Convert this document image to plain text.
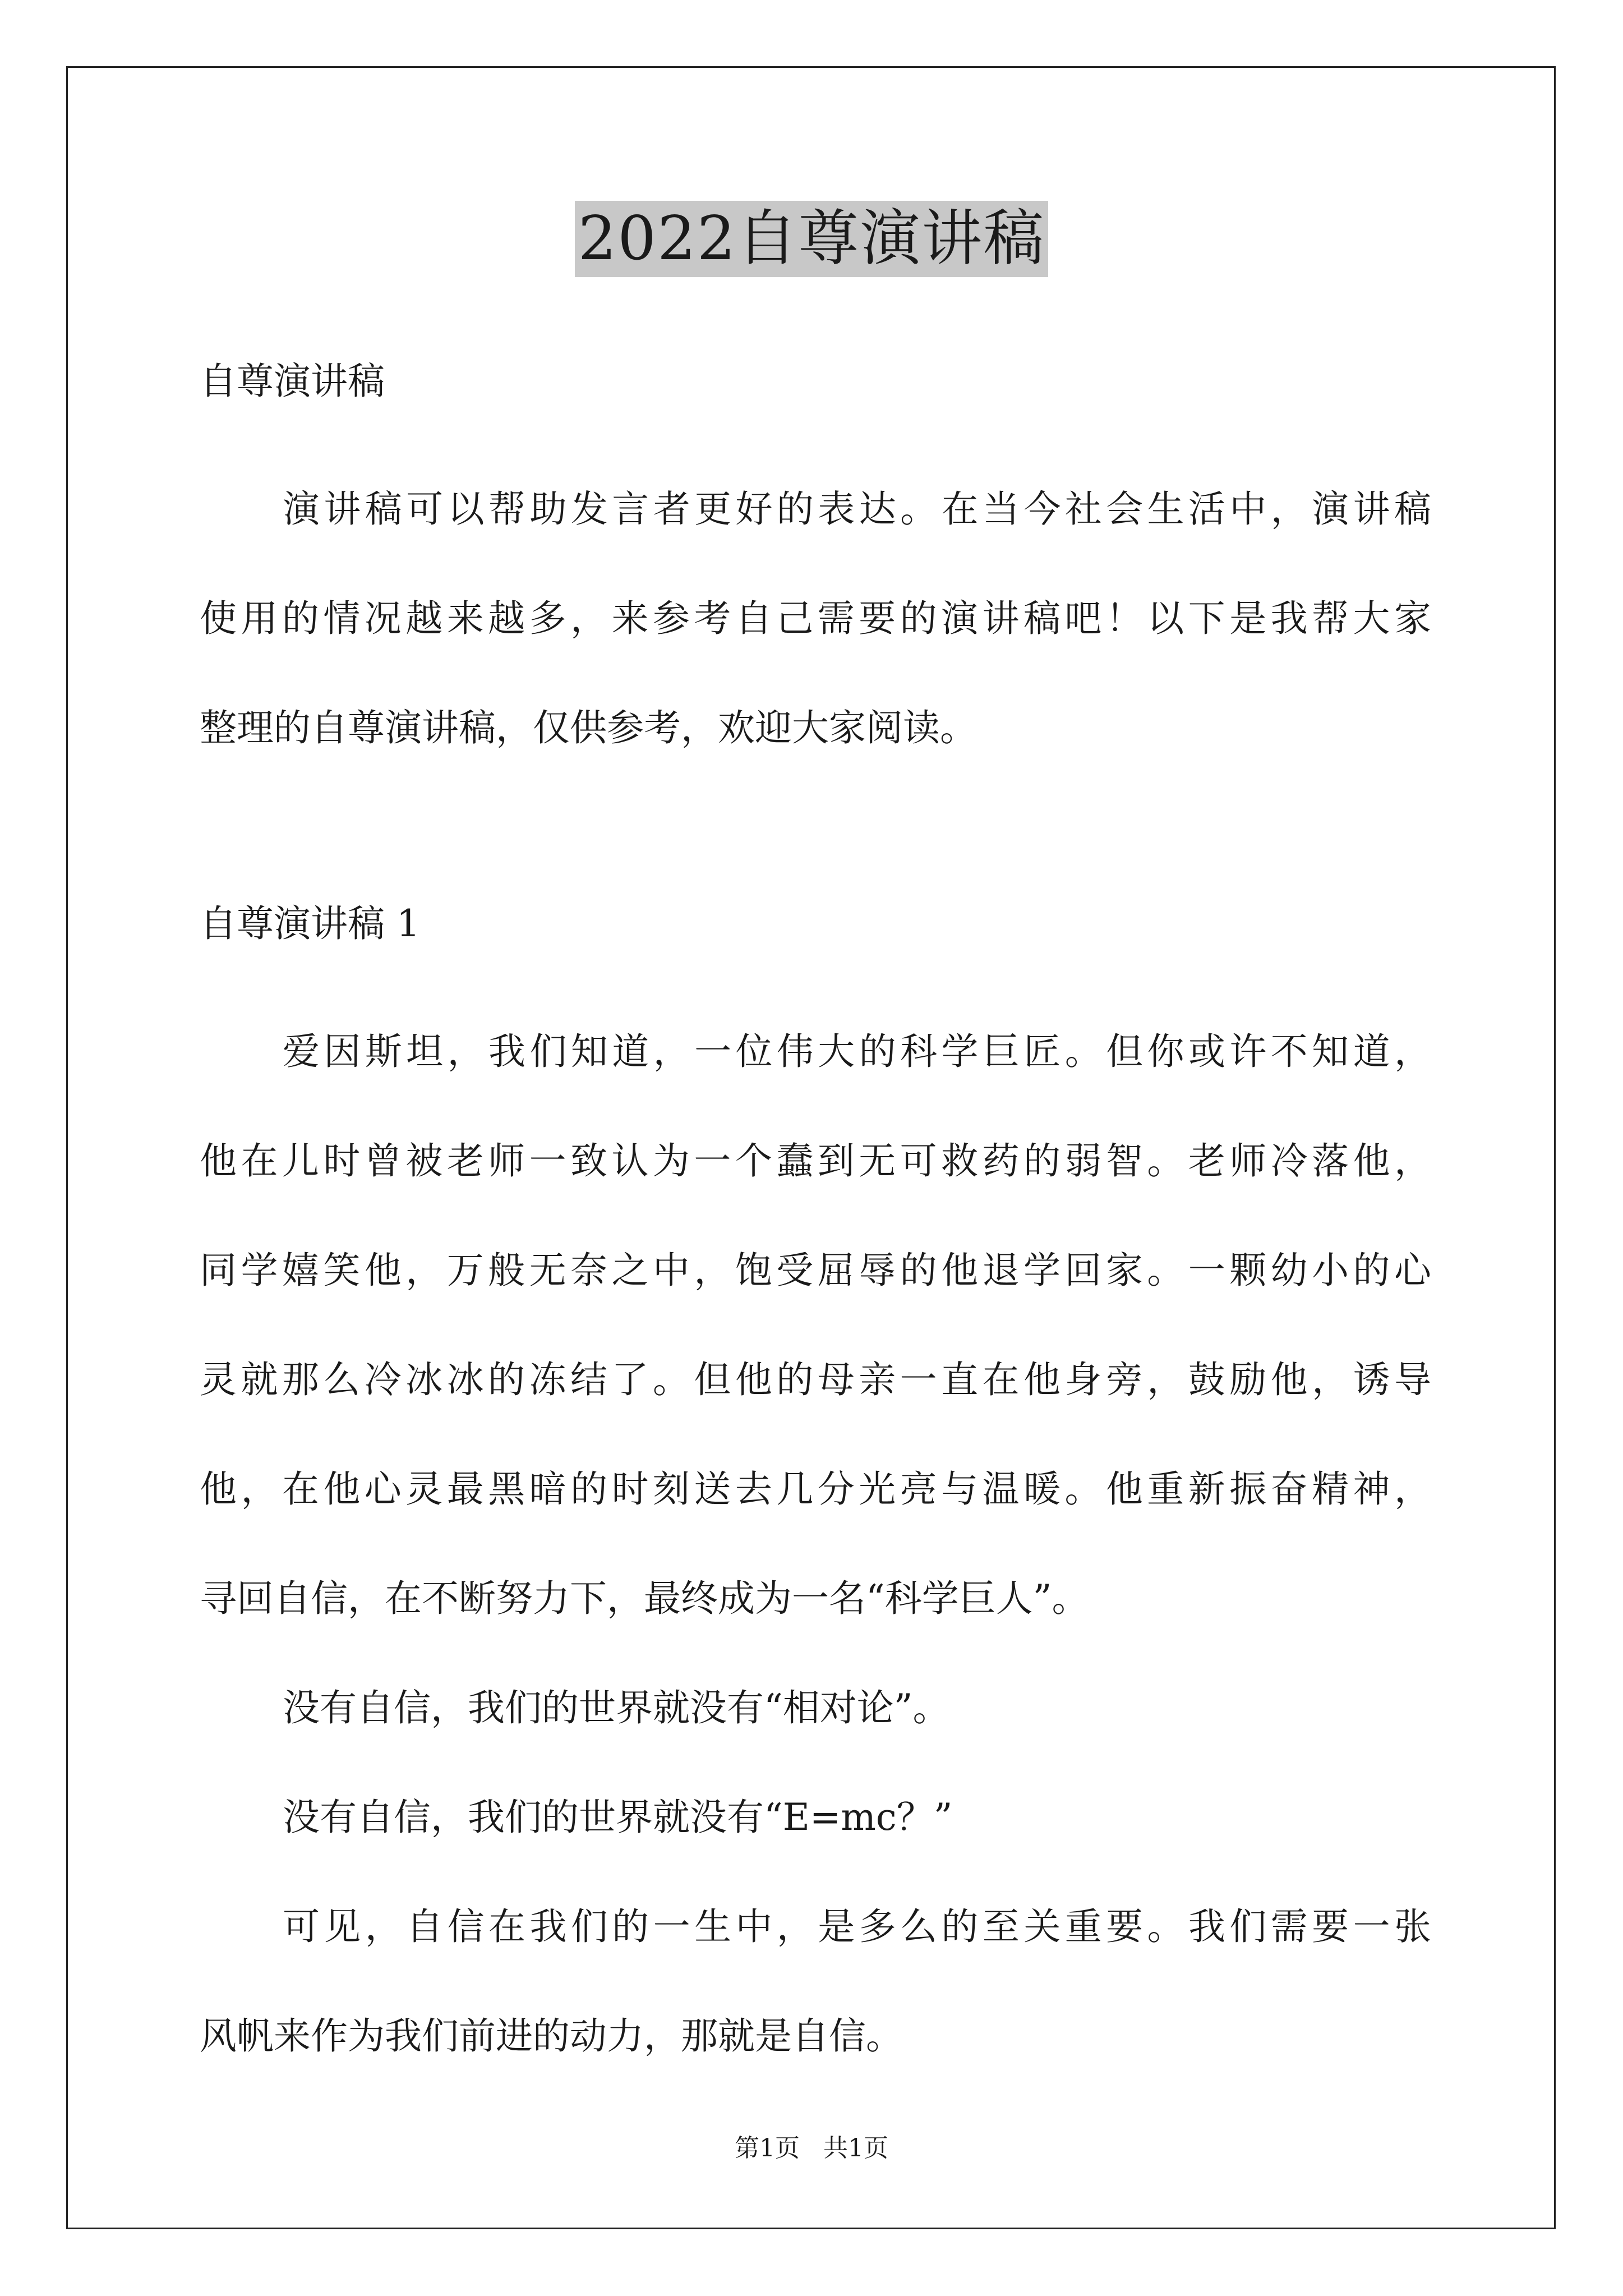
2022自尊演讲稿
自尊演讲稿
演讲稿可以帮助发言者更好的表达。在当今社会生活中，演讲稿
使用的情况越来越多，来参考自己需要的演讲稿吧！以下是我帮大家
整理的自尊演讲稿，仅供参考，欢迎大家阅读。
自尊演讲稿 1
爱因斯坦，我们知道，一位伟大的科学巨匠。但你或许不知道，
他在儿时曾被老师一致认为一个蠢到无可救药的弱智。老师冷落他，
同学嬉笑他，万般无奈之中，饱受屈辱的他退学回家。一颗幼小的心
灵就那么冷冰冰的冻结了。但他的母亲一直在他身旁，鼓励他，诱导
他，在他心灵最黑暗的时刻送去几分光亮与温暖。他重新振奋精神，
寻回自信，在不断努力下，最终成为一名“科学巨人”。
没有自信，我们的世界就没有“相对论”。
没有自信，我们的世界就没有“E=mc？”
可见，自信在我们的一生中，是多么的至关重要。我们需要一张
风帆来作为我们前进的动力，那就是自信。
第1页 共1页
